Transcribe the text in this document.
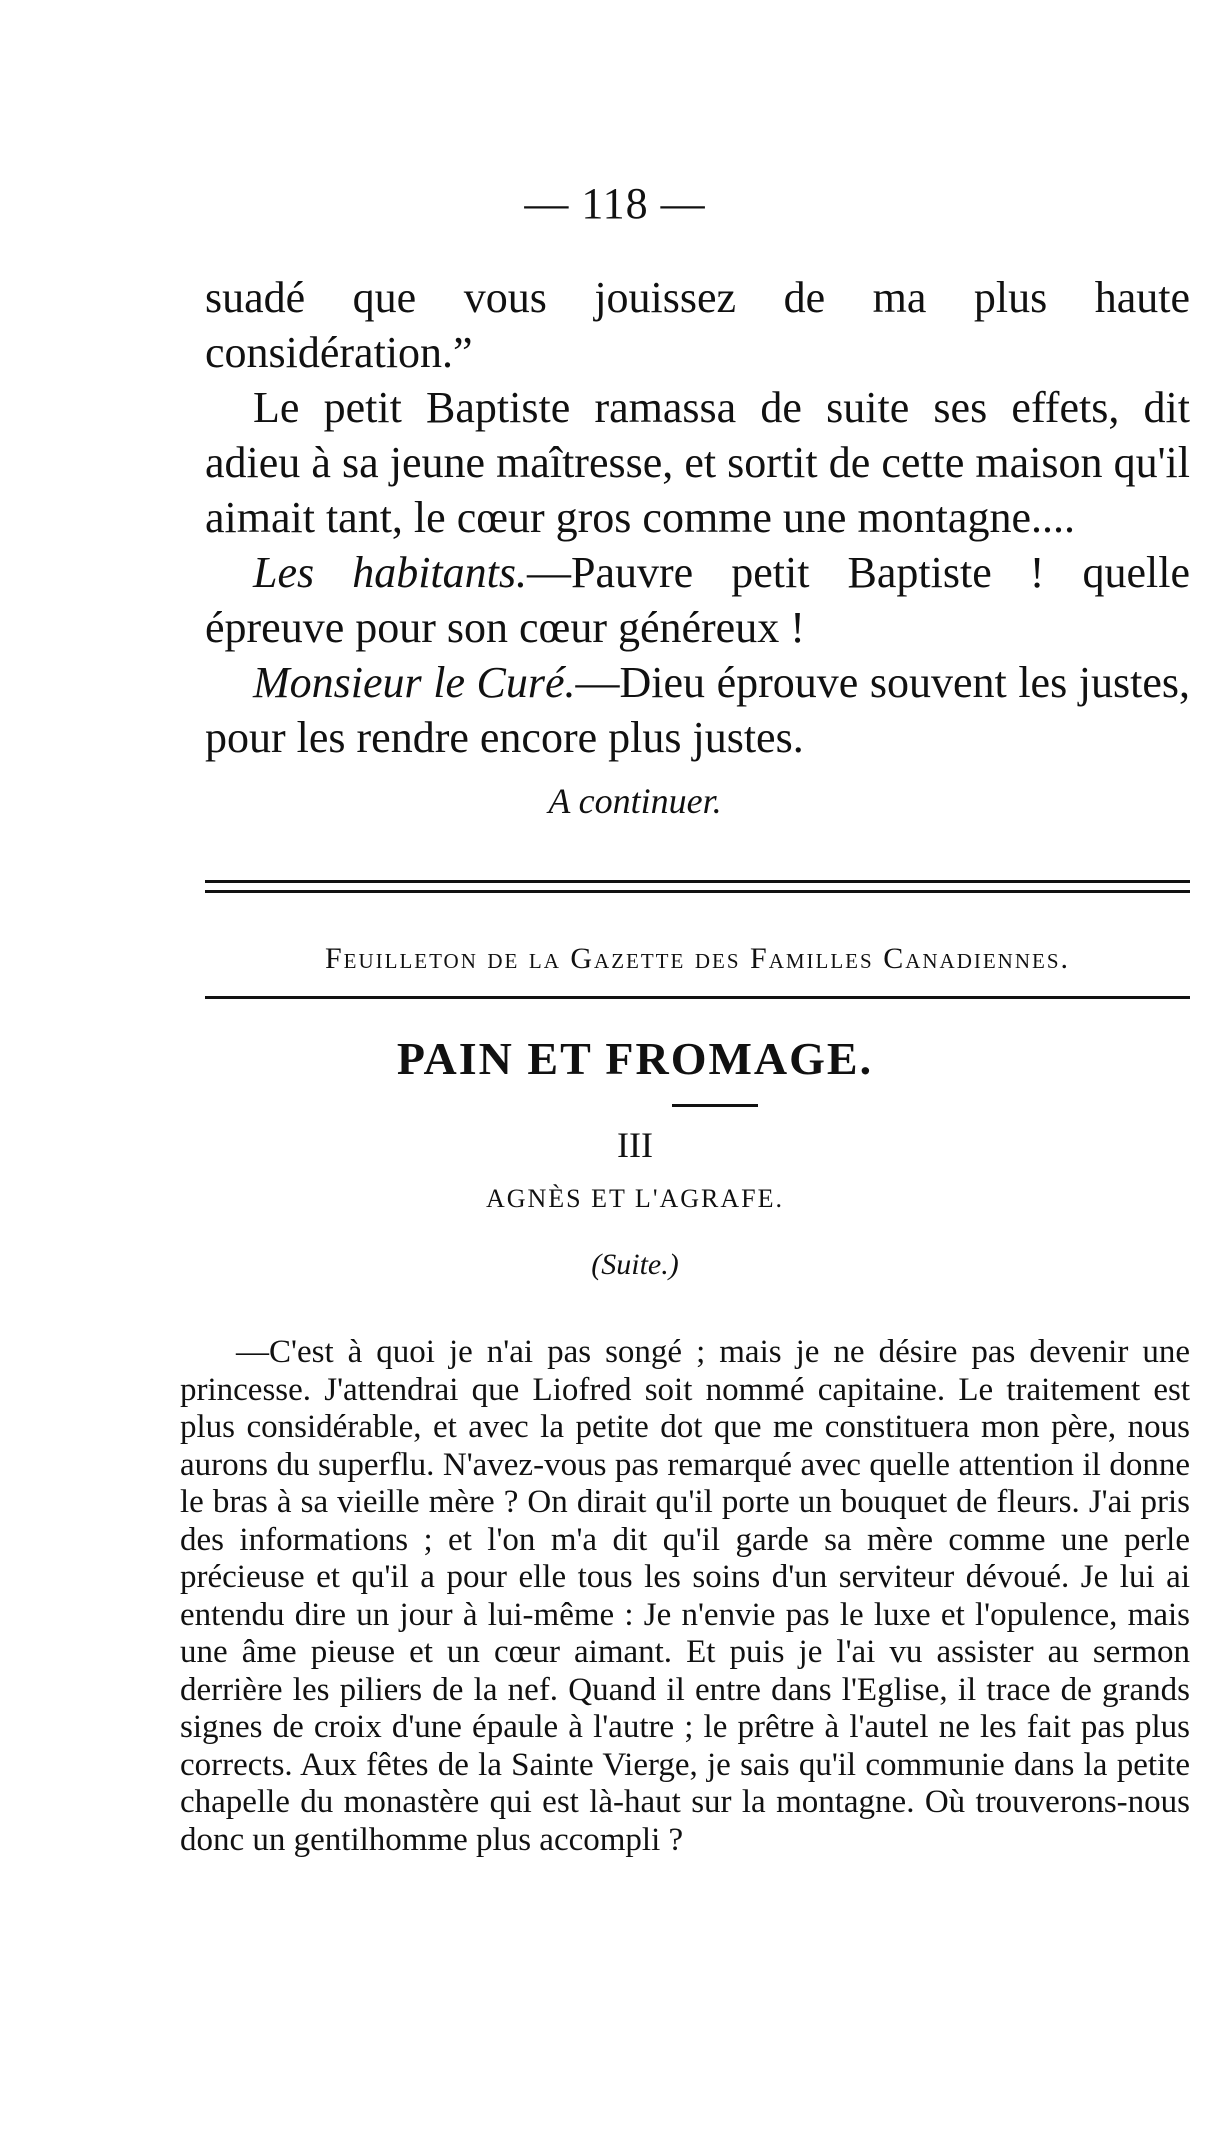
— 118 —

suadé que vous jouissez de ma plus haute considération.”

Le petit Baptiste ramassa de suite ses effets, dit adieu à sa jeune maîtresse, et sortit de cette maison qu'il aimait tant, le cœur gros comme une montagne....

Les habitants.—Pauvre petit Baptiste ! quelle épreuve pour son cœur généreux !

Monsieur le Curé.—Dieu éprouve souvent les justes, pour les rendre encore plus justes.

A continuer.
Feuilleton de la Gazette des Familles Canadiennes.
PAIN ET FROMAGE.
III
AGNÈS ET L'AGRAFE.
(Suite.)
—C'est à quoi je n'ai pas songé ; mais je ne désire pas devenir une princesse. J'attendrai que Liofred soit nommé capitaine. Le traitement est plus considérable, et avec la petite dot que me constituera mon père, nous aurons du superflu. N'avez-vous pas remarqué avec quelle attention il donne le bras à sa vieille mère ? On dirait qu'il porte un bouquet de fleurs. J'ai pris des informations ; et l'on m'a dit qu'il garde sa mère comme une perle précieuse et qu'il a pour elle tous les soins d'un serviteur dévoué. Je lui ai entendu dire un jour à lui-même : Je n'envie pas le luxe et l'opulence, mais une âme pieuse et un cœur aimant. Et puis je l'ai vu assister au sermon derrière les piliers de la nef. Quand il entre dans l'Eglise, il trace de grands signes de croix d'une épaule à l'autre ; le prêtre à l'autel ne les fait pas plus corrects. Aux fêtes de la Sainte Vierge, je sais qu'il communie dans la petite chapelle du monastère qui est là-haut sur la montagne. Où trouverons-nous donc un gentilhomme plus accompli ?
